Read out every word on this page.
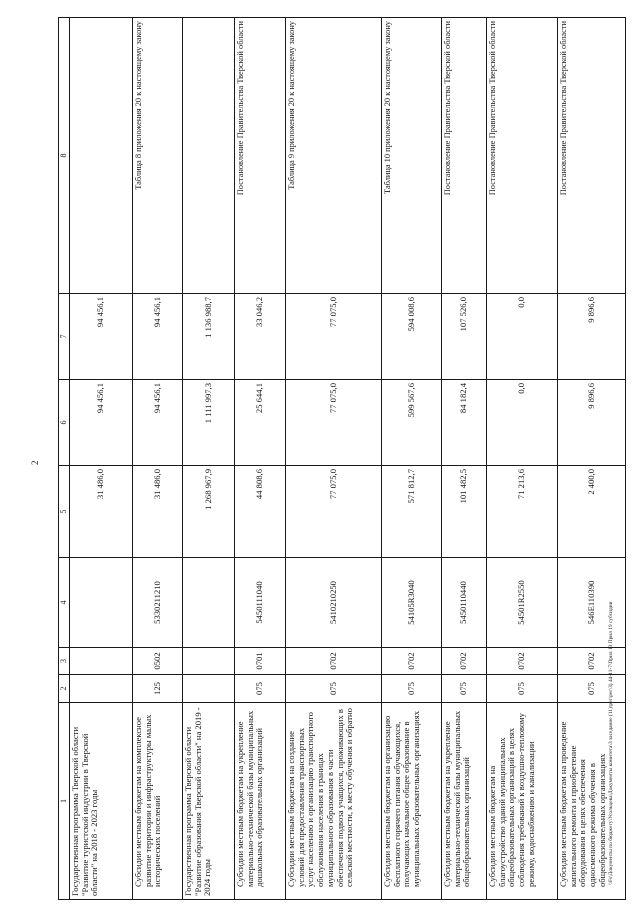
2
1	2	3	4	5	6	7	8
Государственная программа Тверской области "Развитие туристской индустрии в Тверской области" на 2018 - 2023 годы				31 486,0	94 456,1	94 456,1	
Субсидии местным бюджетам на комплексное развитие территории и инфраструктуры малых исторических поселений	125	0502	5330211210	31 486,0	94 456,1	94 456,1	Таблица 8 приложения 20 к настоящему закону
Государственная программа Тверской области "Развитие образования Тверской области" на 2019 - 2024 годы				1 268 967,9	1 111 997,3	1 136 988,7	
Субсидии местным бюджетам на укрепление материально-технической базы муниципальных дошкольных образовательных организаций	075	0701	5450111040	44 808,6	25 644,1	33 046,2	Постановление Правительства Тверской области
Субсидии местным бюджетам на создание условий для предоставления транспортных услуг населению и организацию транспортного обслуживания населения в границах муниципального образования в части обеспечения подвоза учащихся, проживающих в сельской местности, к месту обучения и обратно	075	0702	5410210250	77 075,0	77 075,0	77 075,0	Таблица 9 приложения 20 к настоящему закону
Субсидии местным бюджетам на организацию бесплатного горячего питания обучающихся, получающих начальное общее образование в муниципальных образовательных организациях	075	0702	54105R3040	571 812,7	599 567,6	594 008,6	Таблица 10 приложения 20 к настоящему закону
Субсидии местным бюджетам на укрепление материально-технической базы муниципальных общеобразовательных организаций	075	0702	5450110440	101 482,5	84 182,4	107 526,0	Постановление Правительства Тверской области
Субсидии местным бюджетам на благоустройство зданий муниципальных общеобразовательных организаций в целях соблюдения требований к воздушно-тепловому режиму, водоснабжению и канализации	075	0702	54501R2550	71 213,6	0,0	0,0	Постановление Правительства Тверской области
Субсидии местным бюджетам на проведение капитального ремонта и приобретение оборудования в целях обеспечения односменного режима обучения в общеобразовательных организациях	075	0702	546E110390	2 400,0	9 896,6	9 896,6	Постановление Правительства Тверской области
\\Fs\Документы по бюджету\Усольцева\Документы комитета\3 заседание (11)\рег\рег\3) 44-11-7\Прил 13 Прил 19 субсидии
